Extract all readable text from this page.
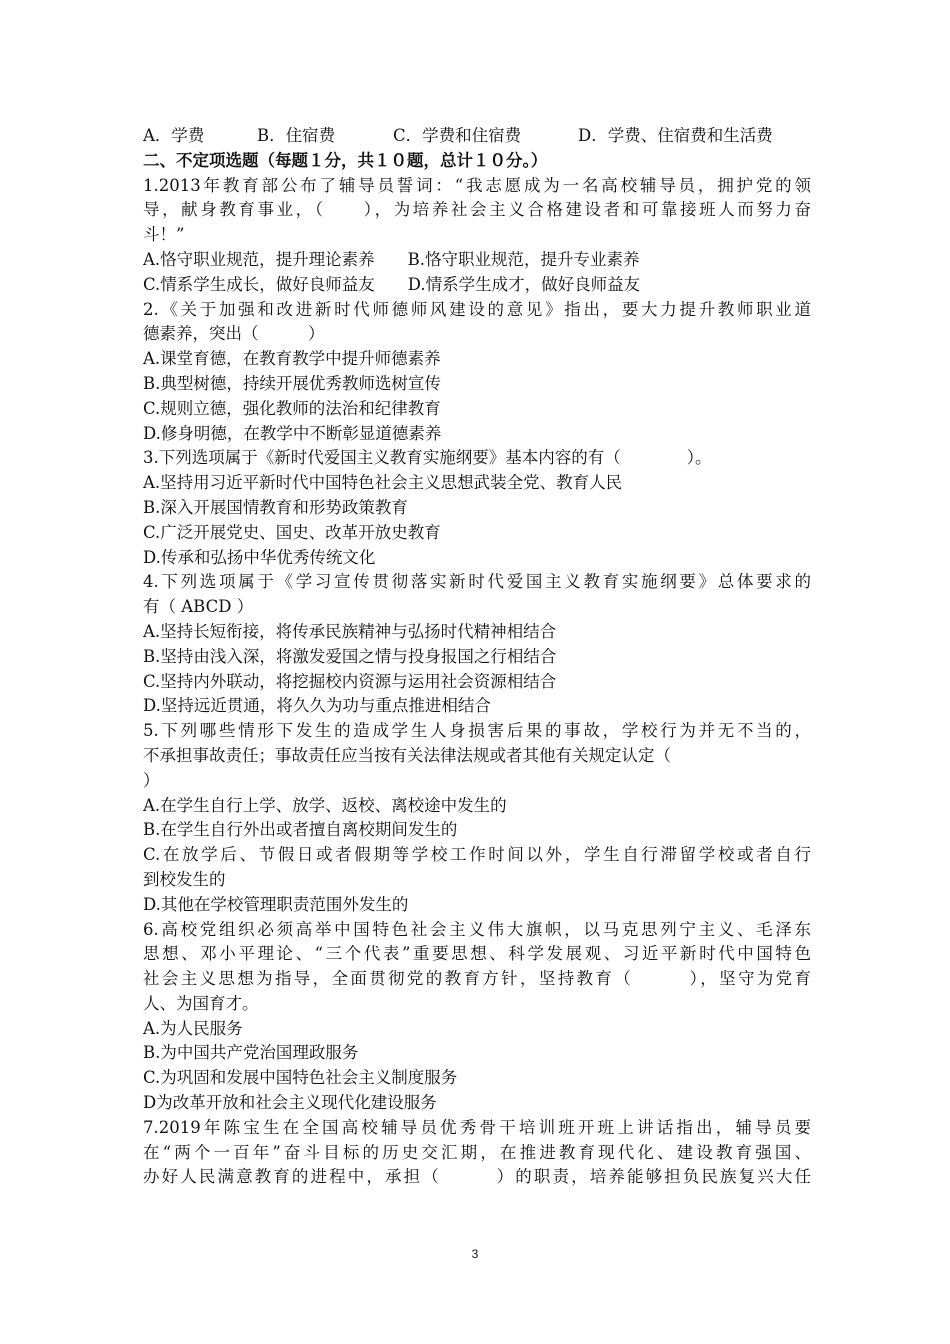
A．学费	B．住宿费	C．学费和住宿费	D．学费、住宿费和生活费
二、不定项选题（每题１分，共１０题，总计１０分。）
1.2013年教育部公布了辅导员誓词：“我志愿成为一名高校辅导员，拥护党的领
导，献身教育事业，（　　），为培养社会主义合格建设者和可靠接班人而努力奋
斗！”
A.恪守职业规范，提升理论素养　　B.恪守职业规范，提升专业素养
C.情系学生成长，做好良师益友　　D.情系学生成才，做好良师益友
2.《关于加强和改进新时代师德师风建设的意见》指出，要大力提升教师职业道
德素养，突出（　　　）
A.课堂育德，在教育教学中提升师德素养
B.典型树德，持续开展优秀教师选树宣传
C.规则立德，强化教师的法治和纪律教育
D.修身明德，在教学中不断彰显道德素养
3.下列选项属于《新时代爱国主义教育实施纲要》基本内容的有（　　　　）。
A.坚持用习近平新时代中国特色社会主义思想武装全党、教育人民
B.深入开展国情教育和形势政策教育
C.广泛开展党史、国史、改革开放史教育
D.传承和弘扬中华优秀传统文化
4.下列选项属于《学习宣传贯彻落实新时代爱国主义教育实施纲要》总体要求的
有（ ABCD ）
A.坚持长短衔接，将传承民族精神与弘扬时代精神相结合
B.坚持由浅入深，将激发爱国之情与投身报国之行相结合
C.坚持内外联动，将挖掘校内资源与运用社会资源相结合
D.坚持远近贯通，将久久为功与重点推进相结合
5.下列哪些情形下发生的造成学生人身损害后果的事故，学校行为并无不当的，
不承担事故责任；事故责任应当按有关法律法规或者其他有关规定认定（
）
A.在学生自行上学、放学、返校、离校途中发生的
B.在学生自行外出或者擅自离校期间发生的
C.在放学后、节假日或者假期等学校工作时间以外，学生自行滞留学校或者自行
到校发生的
D.其他在学校管理职责范围外发生的
6.高校党组织必须高举中国特色社会主义伟大旗帜，以马克思列宁主义、毛泽东
思想、邓小平理论、“三个代表”重要思想、科学发展观、习近平新时代中国特色
社会主义思想为指导，全面贯彻党的教育方针，坚持教育（　　　），坚守为党育
人、为国育才。
A.为人民服务
B.为中国共产党治国理政服务
C.为巩固和发展中国特色社会主义制度服务
D为改革开放和社会主义现代化建设服务
7.2019年陈宝生在全国高校辅导员优秀骨干培训班开班上讲话指出，辅导员要
在“两个一百年”奋斗目标的历史交汇期，在推进教育现代化、建设教育强国、
办好人民满意教育的进程中，承担（　　　）的职责，培养能够担负民族复兴大任
3
